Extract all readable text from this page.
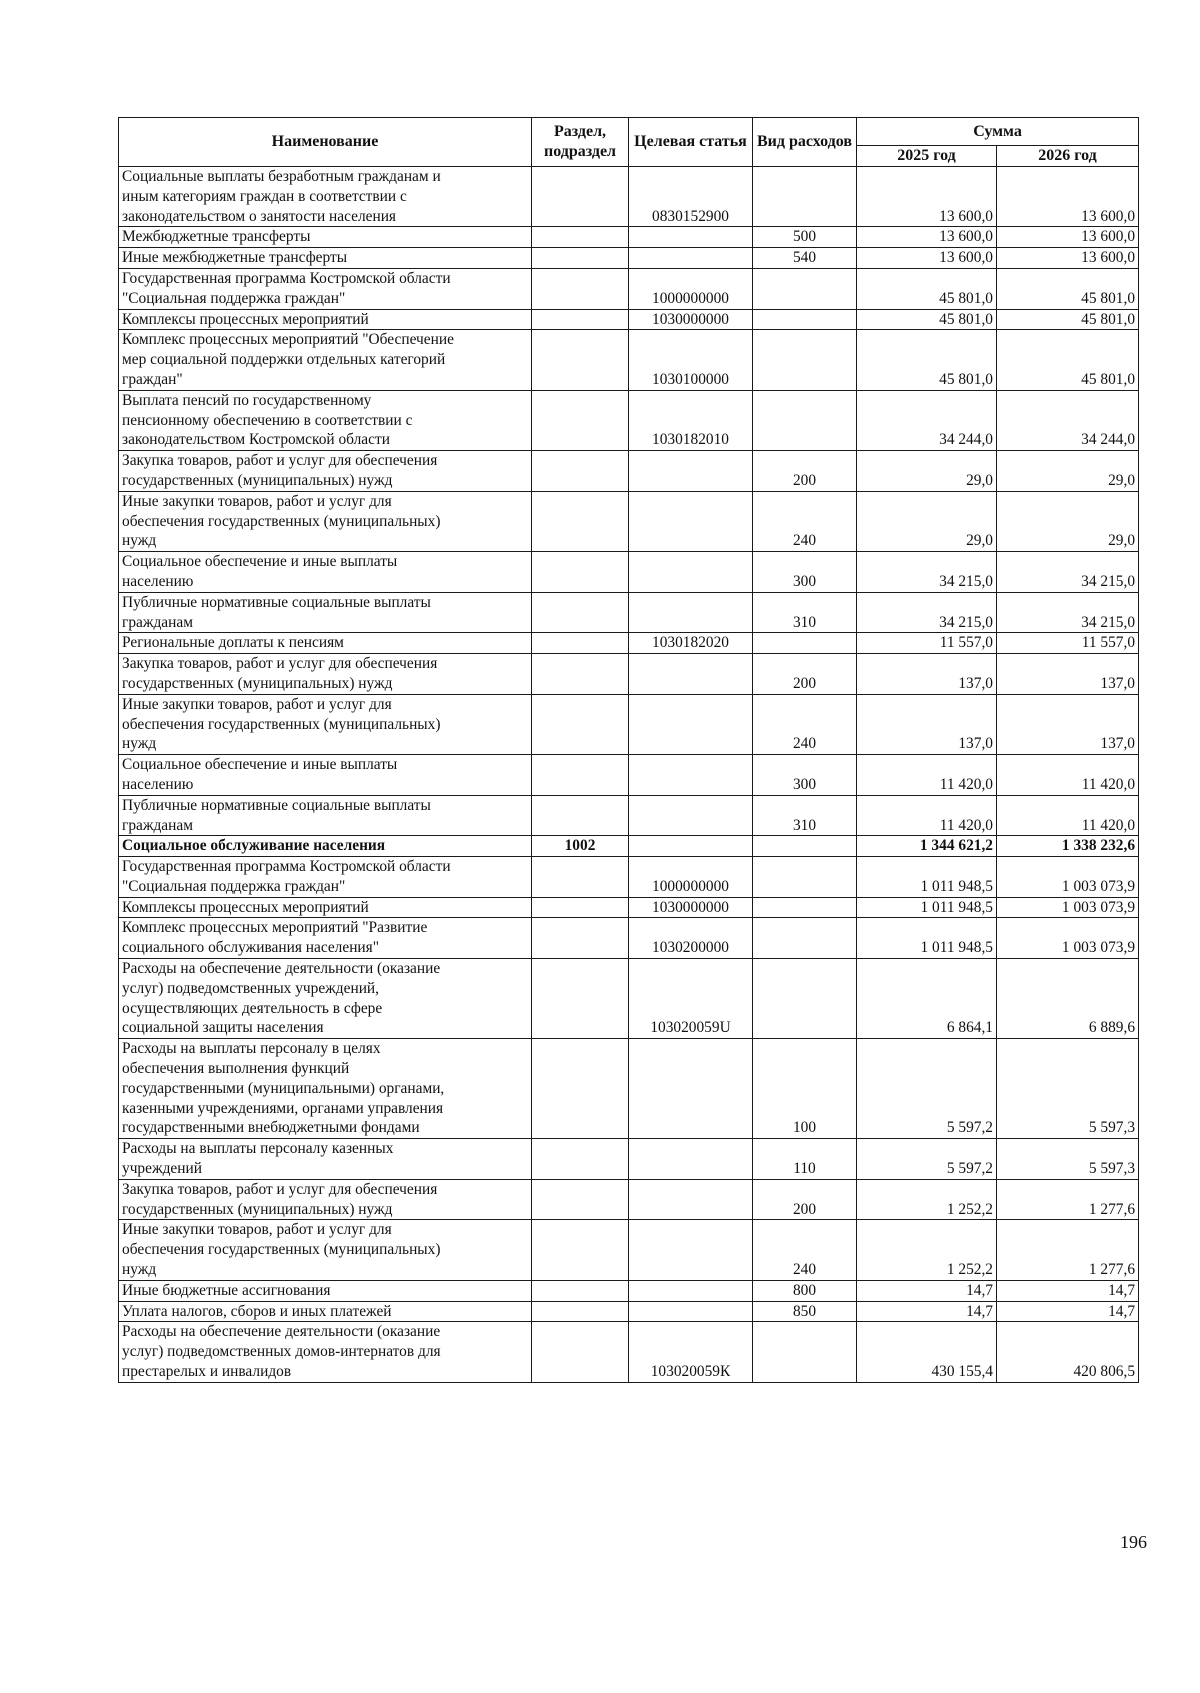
Наименование	Раздел, подраздел	Целевая статья	Вид расходов	Сумма	
				2025 год	2026 год
Социальные выплаты безработным гражданам и
иным категориям граждан в соответствии с
законодательством о занятости населения		0830152900		13 600,0	13 600,0
Межбюджетные трансферты			500	13 600,0	13 600,0
Иные межбюджетные трансферты			540	13 600,0	13 600,0
Государственная программа Костромской области
"Социальная поддержка граждан"		1000000000		45 801,0	45 801,0
Комплексы процессных мероприятий		1030000000		45 801,0	45 801,0
Комплекс процессных мероприятий "Обеспечение
мер социальной поддержки отдельных категорий
граждан"		1030100000		45 801,0	45 801,0
Выплата пенсий по государственному
пенсионному обеспечению в соответствии с
законодательством Костромской области		1030182010		34 244,0	34 244,0
Закупка товаров, работ и услуг для обеспечения
государственных (муниципальных) нужд			200	29,0	29,0
Иные закупки товаров, работ и услуг для
обеспечения государственных (муниципальных)
нужд			240	29,0	29,0
Социальное обеспечение и иные выплаты
населению			300	34 215,0	34 215,0
Публичные нормативные социальные выплаты
гражданам			310	34 215,0	34 215,0
Региональные доплаты к пенсиям		1030182020		11 557,0	11 557,0
Закупка товаров, работ и услуг для обеспечения
государственных (муниципальных) нужд			200	137,0	137,0
Иные закупки товаров, работ и услуг для
обеспечения государственных (муниципальных)
нужд			240	137,0	137,0
Социальное обеспечение и иные выплаты
населению			300	11 420,0	11 420,0
Публичные нормативные социальные выплаты
гражданам			310	11 420,0	11 420,0
Социальное обслуживание населения	1002			1 344 621,2	1 338 232,6
Государственная программа Костромской области
"Социальная поддержка граждан"		1000000000		1 011 948,5	1 003 073,9
Комплексы процессных мероприятий		1030000000		1 011 948,5	1 003 073,9
Комплекс процессных мероприятий "Развитие
социального обслуживания населения"		1030200000		1 011 948,5	1 003 073,9
Расходы на обеспечение деятельности (оказание
услуг) подведомственных учреждений,
осуществляющих деятельность в сфере
социальной защиты населения		103020059U		6 864,1	6 889,6
Расходы на выплаты персоналу в целях
обеспечения выполнения функций
государственными (муниципальными) органами,
казенными учреждениями, органами управления
государственными внебюджетными фондами			100	5 597,2	5 597,3
Расходы на выплаты персоналу казенных
учреждений			110	5 597,2	5 597,3
Закупка товаров, работ и услуг для обеспечения
государственных (муниципальных) нужд			200	1 252,2	1 277,6
Иные закупки товаров, работ и услуг для
обеспечения государственных (муниципальных)
нужд			240	1 252,2	1 277,6
Иные бюджетные ассигнования			800	14,7	14,7
Уплата налогов, сборов и иных платежей			850	14,7	14,7
Расходы на обеспечение деятельности (оказание
услуг) подведомственных домов-интернатов для
престарелых и инвалидов		103020059К		430 155,4	420 806,5
196
